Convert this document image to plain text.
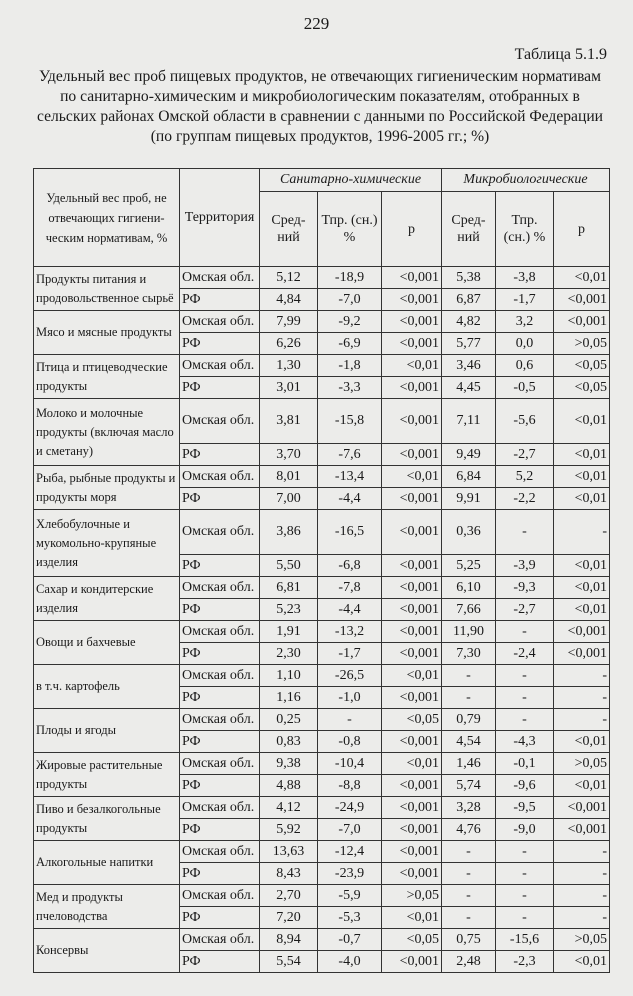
229
Таблица 5.1.9
Удельный вес проб пищевых продуктов, не отвечающих гигиеническим нормативам по санитарно-химическим и микробиологическим показателям, отобранных в сельских районах Омской области в сравнении с данными по Российской Федерации (по группам пищевых продуктов, 1996-2005 гг.; %)
Удельный вес проб, не отвечающих гигиени-ческим нормативам, %	Территория	Санитарно-химические			Микробиологические		
		Сред-ний	Тпр. (сн.) %	p	Сред-ний	Тпр. (сн.) %	p
Продукты питания и продовольственное сырьё	Омская обл.	5,12	-18,9	<0,001	5,38	-3,8	<0,01
	РФ	4,84	-7,0	<0,001	6,87	-1,7	<0,001
Мясо и мясные продукты	Омская обл.	7,99	-9,2	<0,001	4,82	3,2	<0,001
	РФ	6,26	-6,9	<0,001	5,77	0,0	>0,05
Птица и птицеводческие продукты	Омская обл.	1,30	-1,8	<0,01	3,46	0,6	<0,05
	РФ	3,01	-3,3	<0,001	4,45	-0,5	<0,05
Молоко и молочные продукты (включая масло и сметану)	Омская обл.	3,81	-15,8	<0,001	7,11	-5,6	<0,01
	РФ	3,70	-7,6	<0,001	9,49	-2,7	<0,01
Рыба, рыбные продукты и продукты моря	Омская обл.	8,01	-13,4	<0,01	6,84	5,2	<0,01
	РФ	7,00	-4,4	<0,001	9,91	-2,2	<0,01
Хлебобулочные и мукомольно-крупяные изделия	Омская обл.	3,86	-16,5	<0,001	0,36	-	-
	РФ	5,50	-6,8	<0,001	5,25	-3,9	<0,01
Сахар и кондитерские изделия	Омская обл.	6,81	-7,8	<0,001	6,10	-9,3	<0,01
	РФ	5,23	-4,4	<0,001	7,66	-2,7	<0,01
Овощи и бахчевые	Омская обл.	1,91	-13,2	<0,001	11,90	-	<0,001
	РФ	2,30	-1,7	<0,001	7,30	-2,4	<0,001
в т.ч. картофель	Омская обл.	1,10	-26,5	<0,01	-	-	-
	РФ	1,16	-1,0	<0,001	-	-	-
Плоды и ягоды	Омская обл.	0,25	-	<0,05	0,79	-	-
	РФ	0,83	-0,8	<0,001	4,54	-4,3	<0,01
Жировые растительные продукты	Омская обл.	9,38	-10,4	<0,01	1,46	-0,1	>0,05
	РФ	4,88	-8,8	<0,001	5,74	-9,6	<0,01
Пиво и безалкогольные продукты	Омская обл.	4,12	-24,9	<0,001	3,28	-9,5	<0,001
	РФ	5,92	-7,0	<0,001	4,76	-9,0	<0,001
Алкогольные напитки	Омская обл.	13,63	-12,4	<0,001	-	-	-
	РФ	8,43	-23,9	<0,001	-	-	-
Мед и продукты пчеловодства	Омская обл.	2,70	-5,9	>0,05	-	-	-
	РФ	7,20	-5,3	<0,01	-	-	-
Консервы	Омская обл.	8,94	-0,7	<0,05	0,75	-15,6	>0,05
	РФ	5,54	-4,0	<0,001	2,48	-2,3	<0,01
